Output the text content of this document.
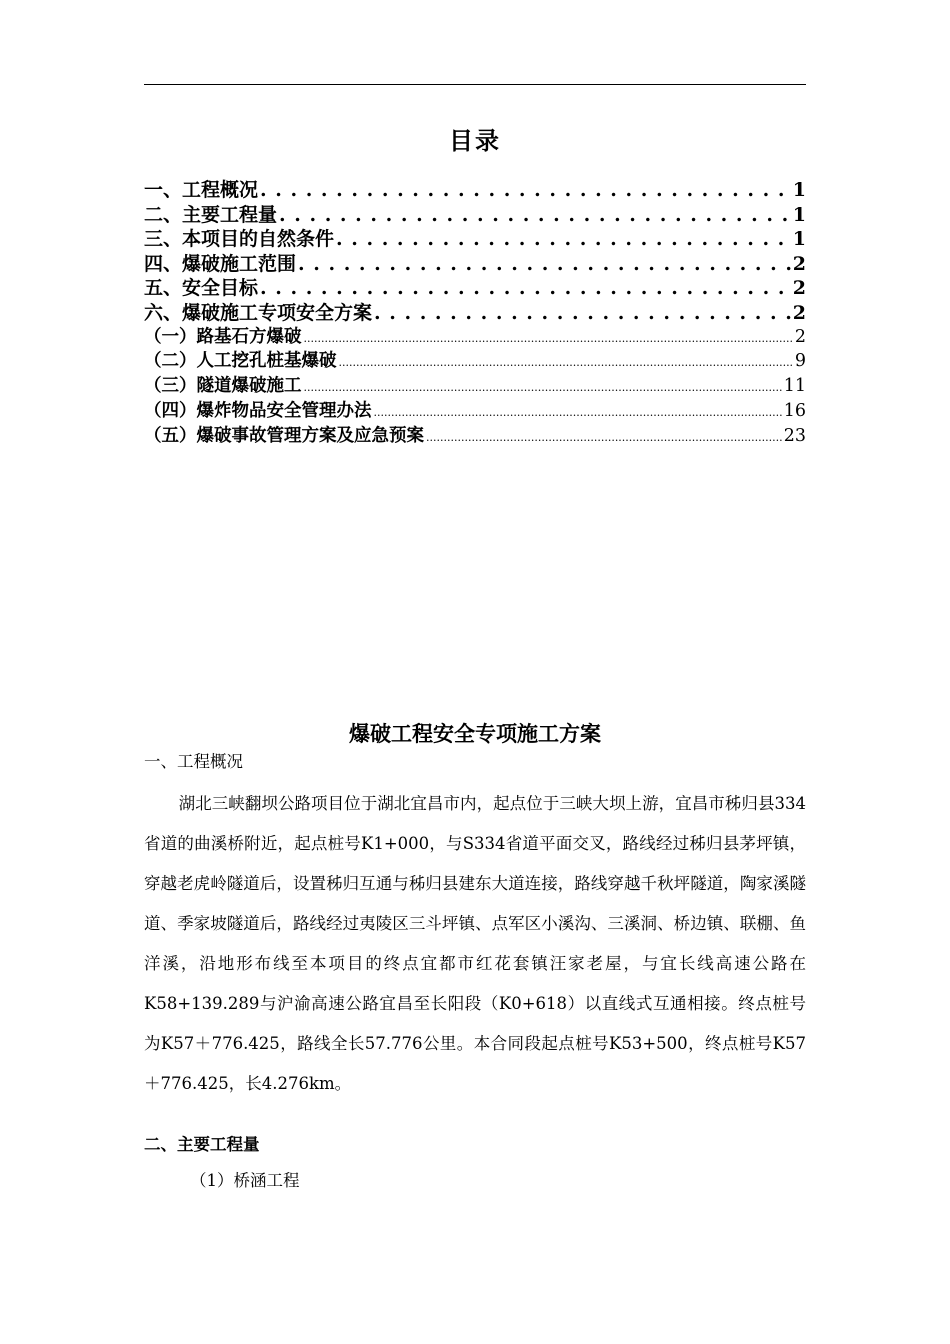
目录
一、工程概况 . . .	1
二、主要工程量 . . .	1
三、本项目的自然条件 . . .	1
四、爆破施工范围 . . .	2
五、安全目标 . . .	2
六、爆破施工专项安全方案 . . .	2
（一）路基石方爆破 .....	2
（二）人工挖孔桩基爆破 .....	9
（三）隧道爆破施工 .....	11
（四）爆炸物品安全管理办法 .....	16
（五）爆破事故管理方案及应急预案 .....	23
爆破工程安全专项施工方案
一、工程概况
湖北三峡翻坝公路项目位于湖北宜昌市内，起点位于三峡大坝上游，宜昌市秭归县334省道的曲溪桥附近，起点桩号K1+000，与S334省道平面交叉，路线经过秭归县茅坪镇，穿越老虎岭隧道后，设置秭归互通与秭归县建东大道连接，路线穿越千秋坪隧道，陶家溪隧道、季家坡隧道后，路线经过夷陵区三斗坪镇、点军区小溪沟、三溪洞、桥边镇、联棚、鱼洋溪，沿地形布线至本项目的终点宜都市红花套镇汪家老屋，与宜长线高速公路在K58+139.289与沪渝高速公路宜昌至长阳段（K0+618）以直线式互通相接。终点桩号为K57＋776.425，路线全长57.776公里。本合同段起点桩号K53+500，终点桩号K57＋776.425，长4.276km。
二、主要工程量
（1）桥涵工程
